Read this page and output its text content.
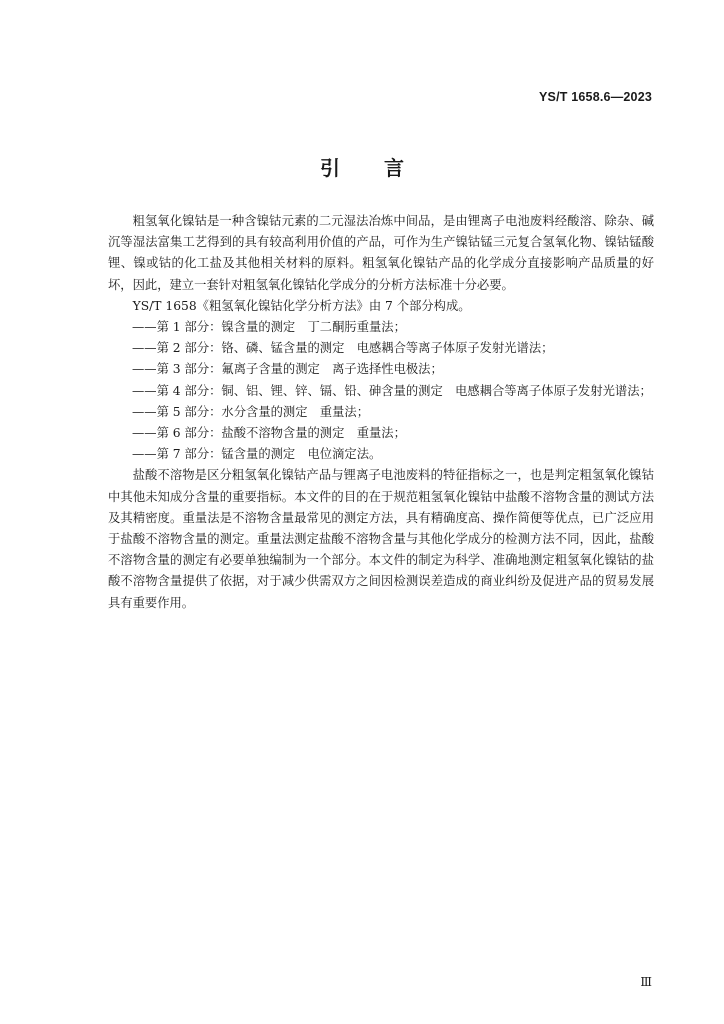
YS/T 1658.6—2023
引言

粗氢氧化镍钴是一种含镍钴元素的二元湿法冶炼中间品，是由锂离子电池废料经酸溶、除杂、碱沉等湿法富集工艺得到的具有较高利用价值的产品，可作为生产镍钴锰三元复合氢氧化物、镍钴锰酸锂、镍或钴的化工盐及其他相关材料的原料。粗氢氧化镍钴产品的化学成分直接影响产品质量的好坏，因此，建立一套针对粗氢氧化镍钴化学成分的分析方法标准十分必要。

YS/T 1658《粗氢氧化镍钴化学分析方法》由 7 个部分构成。

——第 1 部分：镍含量的测定　丁二酮肟重量法；
——第 2 部分：铬、磷、锰含量的测定　电感耦合等离子体原子发射光谱法；
——第 3 部分：氟离子含量的测定　离子选择性电极法；
——第 4 部分：铜、铝、锂、锌、镉、铅、砷含量的测定　电感耦合等离子体原子发射光谱法；
——第 5 部分：水分含量的测定　重量法；
——第 6 部分：盐酸不溶物含量的测定　重量法；
——第 7 部分：锰含量的测定　电位滴定法。

盐酸不溶物是区分粗氢氧化镍钴产品与锂离子电池废料的特征指标之一，也是判定粗氢氧化镍钴中其他未知成分含量的重要指标。本文件的目的在于规范粗氢氧化镍钴中盐酸不溶物含量的测试方法及其精密度。重量法是不溶物含量最常见的测定方法，具有精确度高、操作简便等优点，已广泛应用于盐酸不溶物含量的测定。重量法测定盐酸不溶物含量与其他化学成分的检测方法不同，因此，盐酸不溶物含量的测定有必要单独编制为一个部分。本文件的制定为科学、准确地测定粗氢氧化镍钴的盐酸不溶物含量提供了依据，对于减少供需双方之间因检测误差造成的商业纠纷及促进产品的贸易发展具有重要作用。

Ⅲ
